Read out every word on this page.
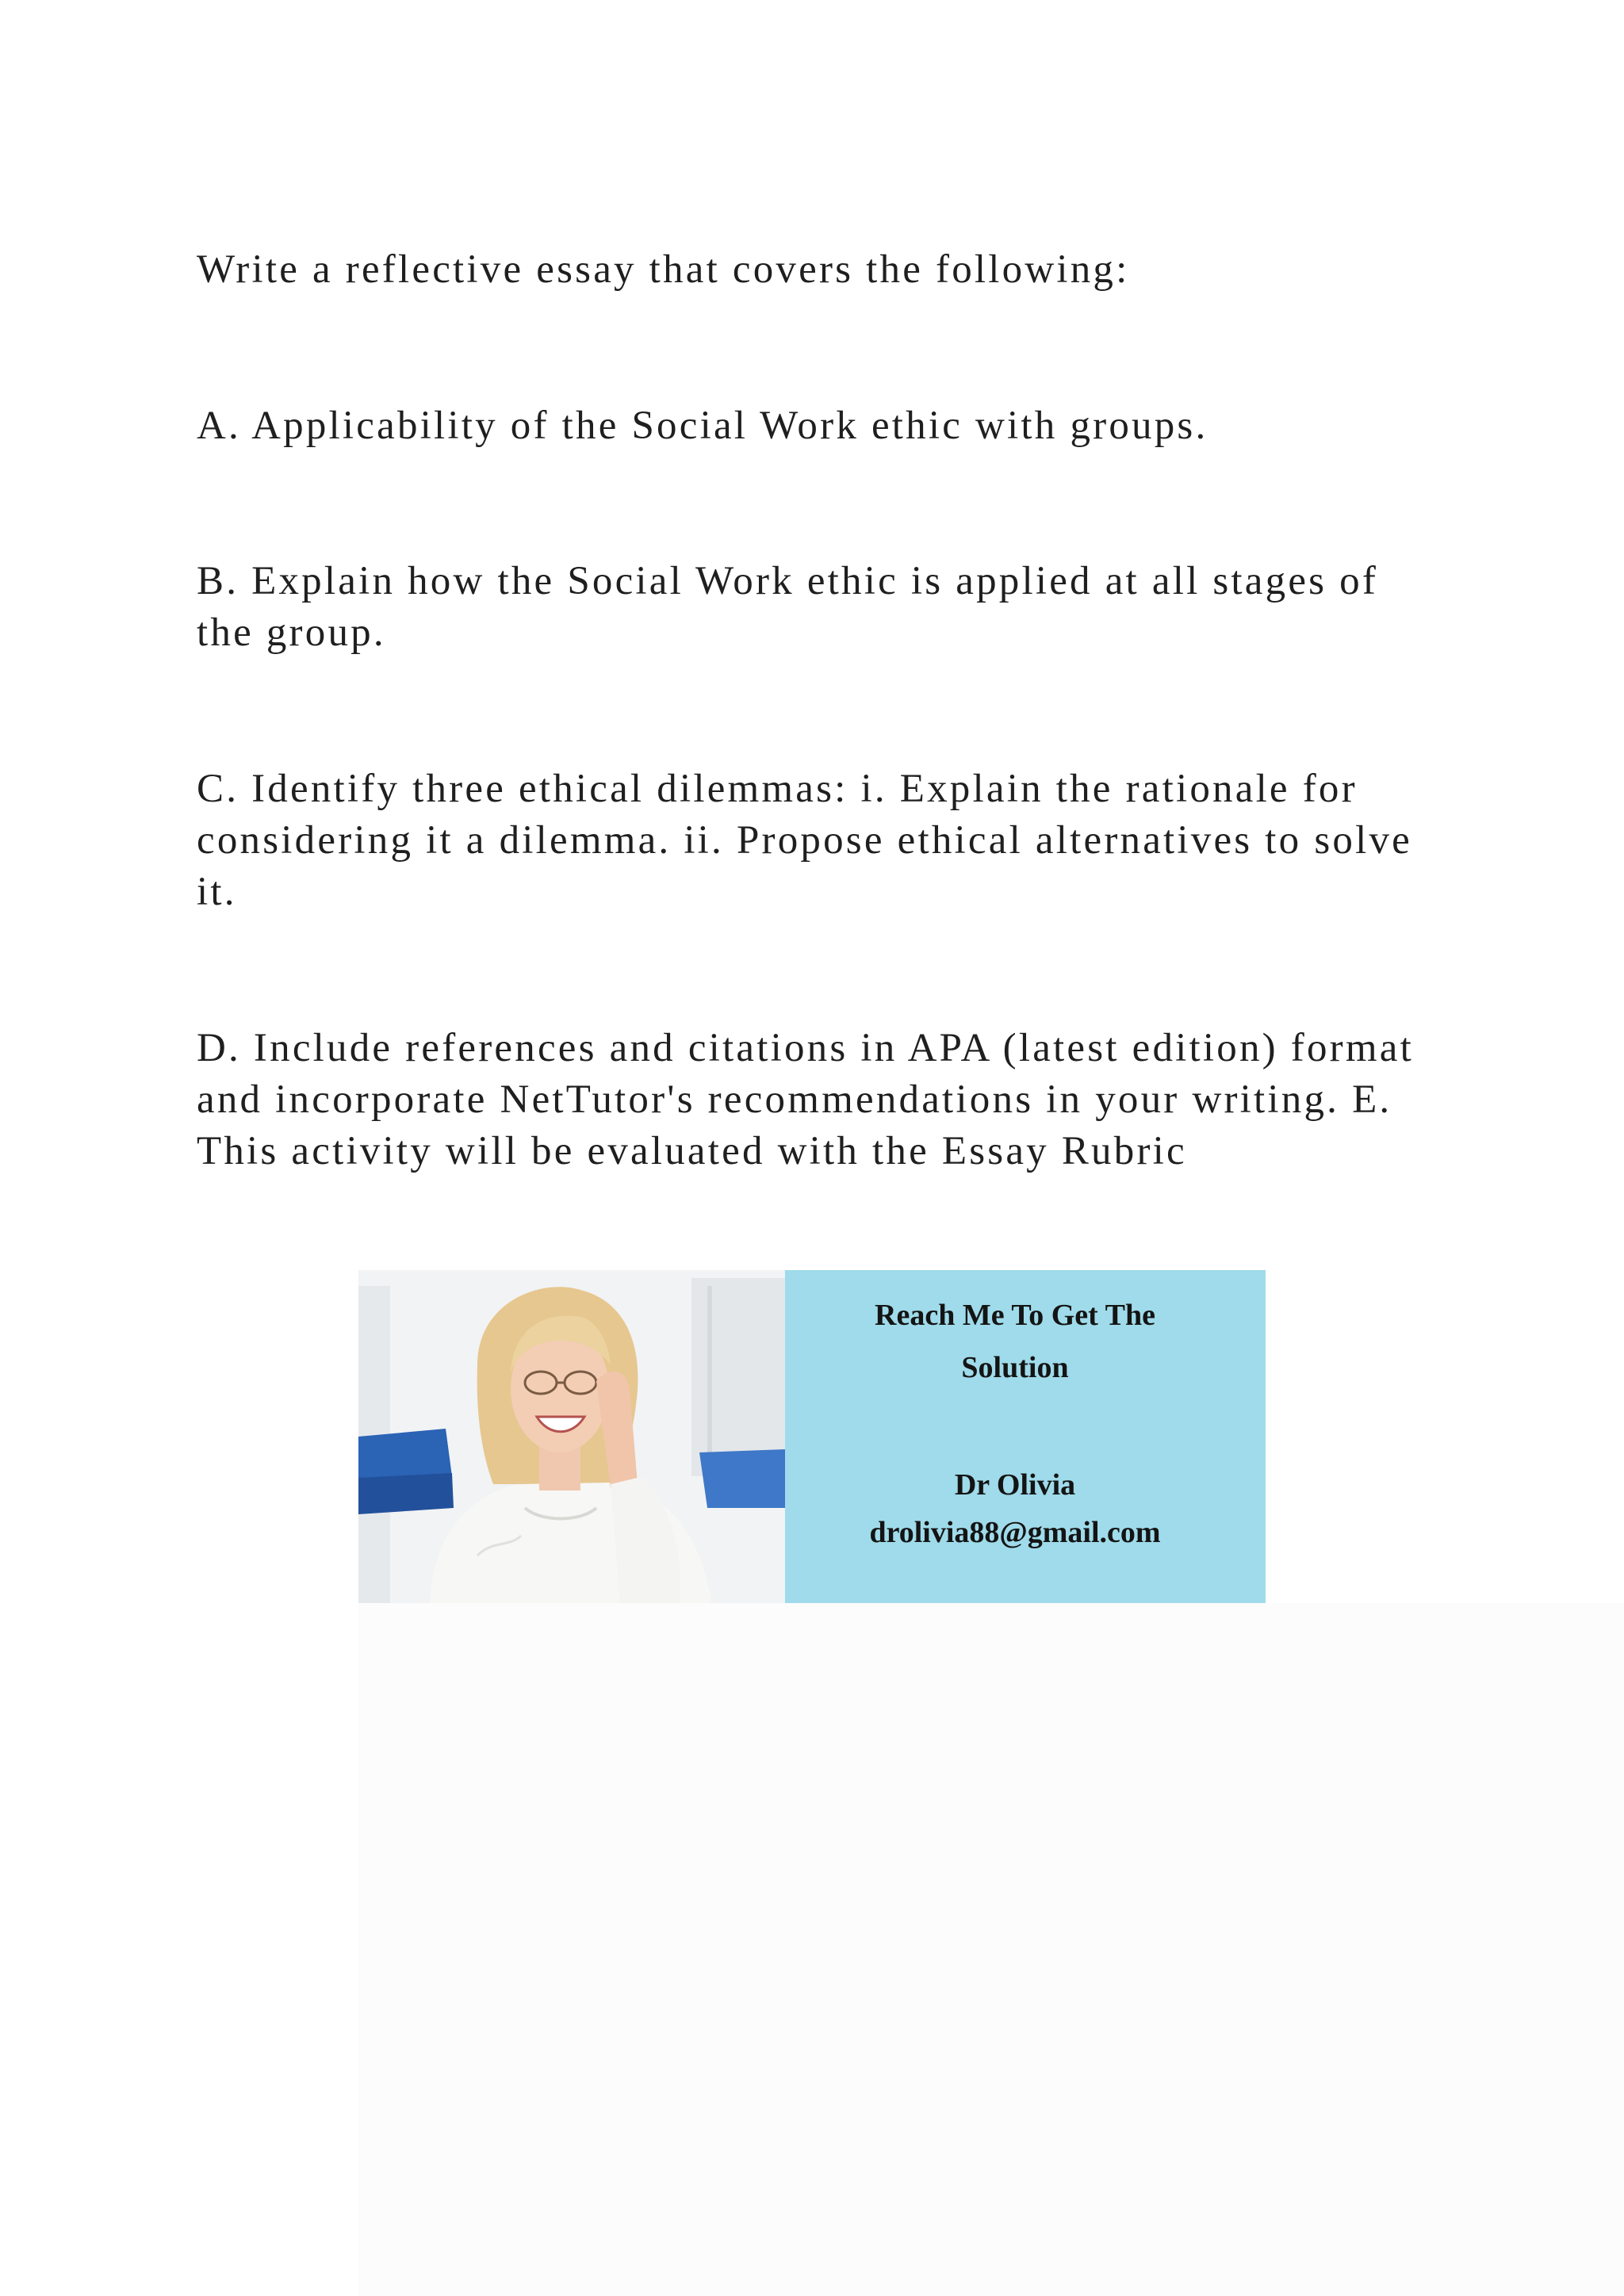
Write a reflective essay that covers the following:

A. Applicability of the Social Work ethic with groups.

B. Explain how the Social Work ethic is applied at all stages of the group.

C. Identify three ethical dilemmas: i. Explain the rationale for considering it a dilemma. ii. Propose ethical alternatives to solve it.

D. Include references and citations in APA (latest edition) format and incorporate NetTutor's recommendations in your writing. E. This activity will be evaluated with the Essay Rubric

Reach Me To Get The
Solution
Dr Olivia
drolivia88@gmail.com
